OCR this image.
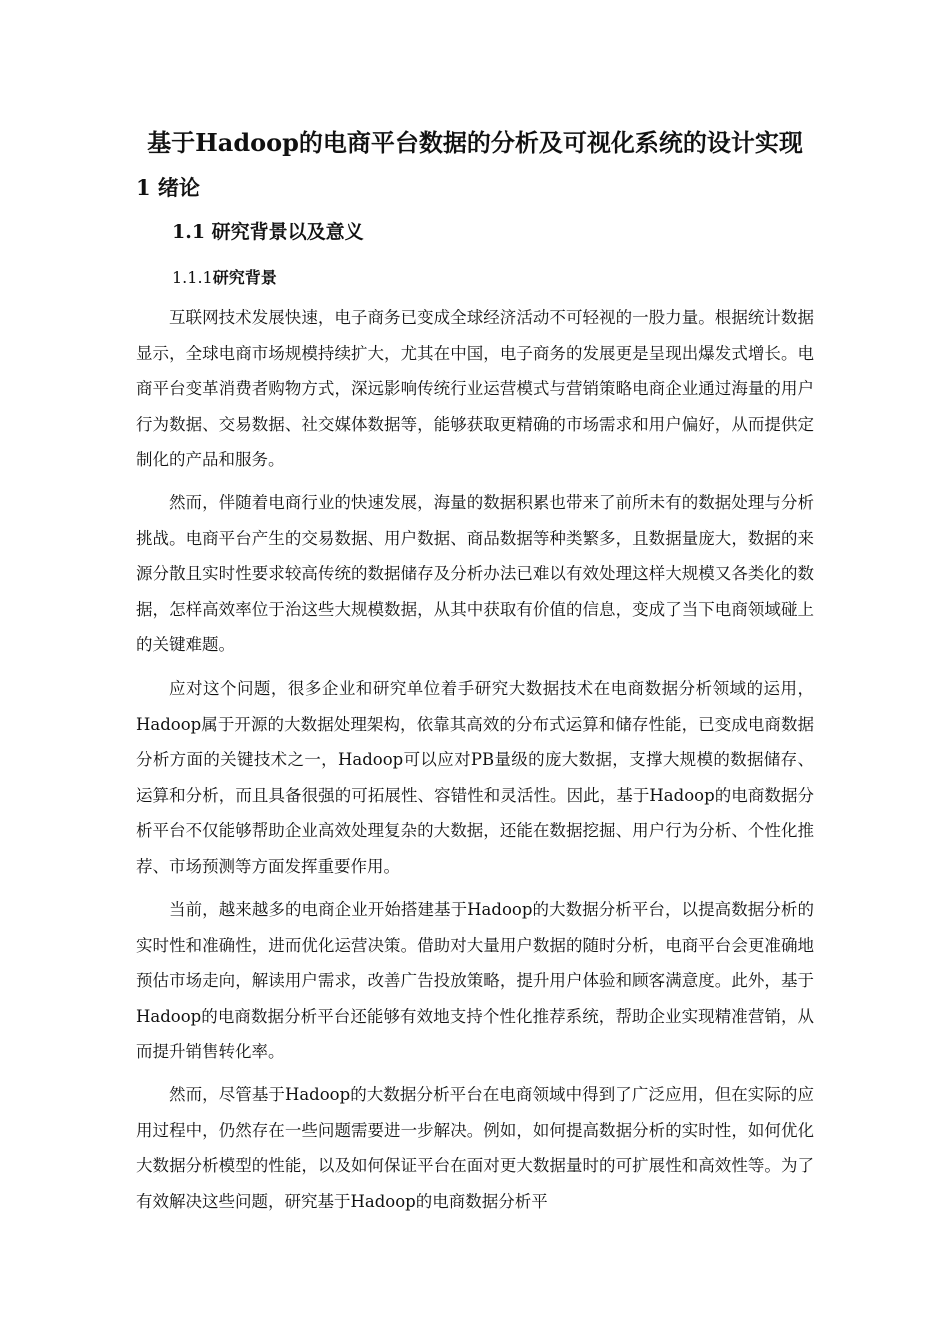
基于Hadoop的电商平台数据的分析及可视化系统的设计实现
1 绪论
1.1 研究背景以及意义
1.1.1研究背景

互联网技术发展快速，电子商务已变成全球经济活动不可轻视的一股力量。根据统计数据显示，全球电商市场规模持续扩大，尤其在中国，电子商务的发展更是呈现出爆发式增长。电商平台变革消费者购物方式，深远影响传统行业运营模式与营销策略电商企业通过海量的用户行为数据、交易数据、社交媒体数据等，能够获取更精确的市场需求和用户偏好，从而提供定制化的产品和服务。

然而，伴随着电商行业的快速发展，海量的数据积累也带来了前所未有的数据处理与分析挑战。电商平台产生的交易数据、用户数据、商品数据等种类繁多，且数据量庞大，数据的来源分散且实时性要求较高传统的数据储存及分析办法已难以有效处理这样大规模又各类化的数据，怎样高效率位于治这些大规模数据，从其中获取有价值的信息，变成了当下电商领域碰上的关键难题。

应对这个问题，很多企业和研究单位着手研究大数据技术在电商数据分析领域的运用，Hadoop属于开源的大数据处理架构，依靠其高效的分布式运算和储存性能，已变成电商数据分析方面的关键技术之一，Hadoop可以应对PB量级的庞大数据，支撑大规模的数据储存、运算和分析，而且具备很强的可拓展性、容错性和灵活性。因此，基于Hadoop的电商数据分析平台不仅能够帮助企业高效处理复杂的大数据，还能在数据挖掘、用户行为分析、个性化推荐、市场预测等方面发挥重要作用。

当前，越来越多的电商企业开始搭建基于Hadoop的大数据分析平台，以提高数据分析的实时性和准确性，进而优化运营决策。借助对大量用户数据的随时分析，电商平台会更准确地预估市场走向，解读用户需求，改善广告投放策略，提升用户体验和顾客满意度。此外，基于Hadoop的电商数据分析平台还能够有效地支持个性化推荐系统，帮助企业实现精准营销，从而提升销售转化率。

然而，尽管基于Hadoop的大数据分析平台在电商领域中得到了广泛应用，但在实际的应用过程中，仍然存在一些问题需要进一步解决。例如，如何提高数据分析的实时性，如何优化大数据分析模型的性能，以及如何保证平台在面对更大数据量时的可扩展性和高效性等。为了有效解决这些问题，研究基于Hadoop的电商数据分析平
